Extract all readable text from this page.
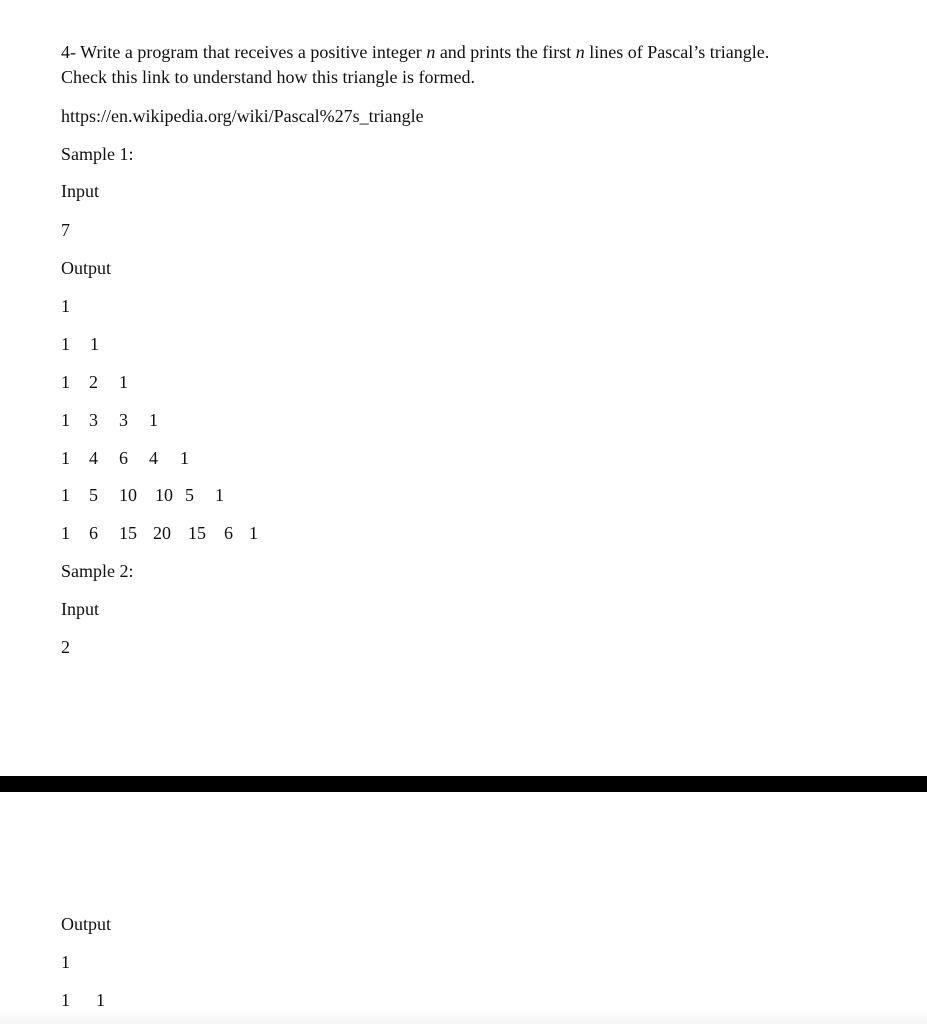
4- Write a program that receives a positive integer n and prints the first n lines of Pascal’s triangle.
Check this link to understand how this triangle is formed.
https://en.wikipedia.org/wiki/Pascal%27s_triangle
Sample 1:
Input
7
Output
1
1 1
1 2 1
1 3 3 1
1 4 6 4 1
1 5 10 10 5 1
1 6 15 20 15 6 1
Sample 2:
Input
2
Output
1
1 1
